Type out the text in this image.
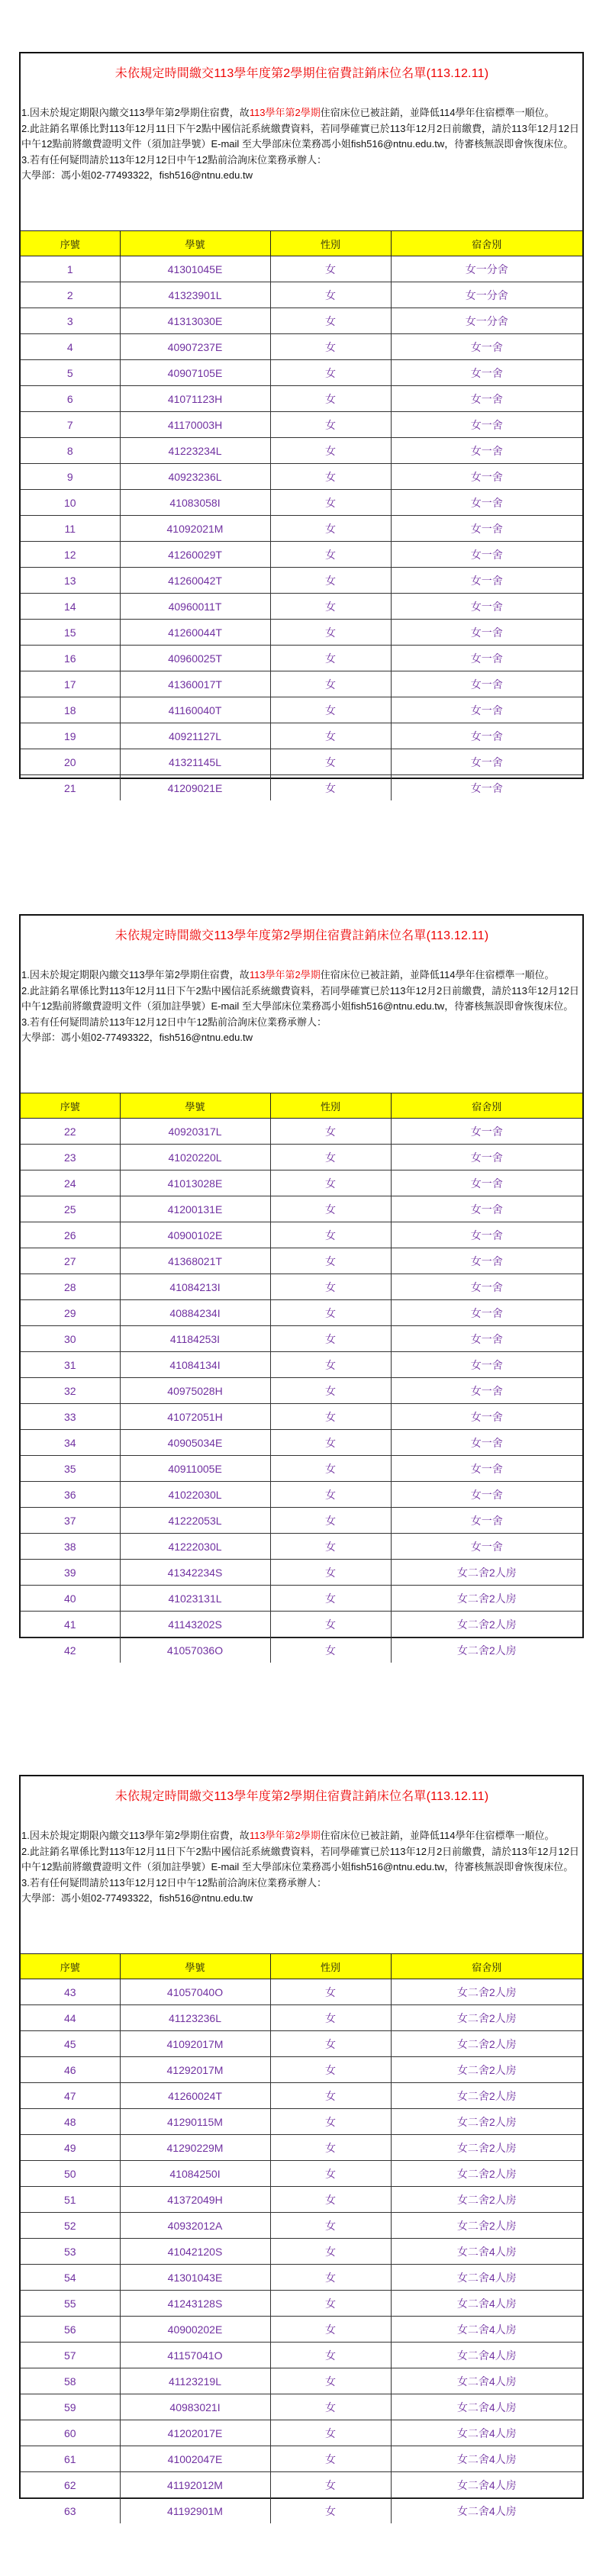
未依規定時間繳交113學年度第2學期住宿費註銷床位名單(113.12.11)
1.因未於規定期限內繳交113學年第2學期住宿費，故113學年第2學期住宿床位已被註銷，並降低114學年住宿標準一順位。
2.此註銷名單係比對113年12月11日下午2點中國信託系統繳費資料，若同學確實已於113年12月2日前繳費，請於113年12月12日中午12點前將繳費證明文件（須加註學號）E-mail 至大學部床位業務馮小姐fish516@ntnu.edu.tw，待審核無誤即會恢復床位。
3.若有任何疑問請於113年12月12日中午12點前洽詢床位業務承辦人：
大學部：馮小姐02-77493322，fish516@ntnu.edu.tw
序號	學號	性別	宿舍別
1	41301045E	女	女一分舍
2	41323901L	女	女一分舍
3	41313030E	女	女一分舍
4	40907237E	女	女一舍
5	40907105E	女	女一舍
6	41071123H	女	女一舍
7	41170003H	女	女一舍
8	41223234L	女	女一舍
9	40923236L	女	女一舍
10	41083058I	女	女一舍
11	41092021M	女	女一舍
12	41260029T	女	女一舍
13	41260042T	女	女一舍
14	40960011T	女	女一舍
15	41260044T	女	女一舍
16	40960025T	女	女一舍
17	41360017T	女	女一舍
18	41160040T	女	女一舍
19	40921127L	女	女一舍
20	41321145L	女	女一舍
21	41209021E	女	女一舍
未依規定時間繳交113學年度第2學期住宿費註銷床位名單(113.12.11)
1.因未於規定期限內繳交113學年第2學期住宿費，故113學年第2學期住宿床位已被註銷，並降低114學年住宿標準一順位。
2.此註銷名單係比對113年12月11日下午2點中國信託系統繳費資料，若同學確實已於113年12月2日前繳費，請於113年12月12日中午12點前將繳費證明文件（須加註學號）E-mail 至大學部床位業務馮小姐fish516@ntnu.edu.tw，待審核無誤即會恢復床位。
3.若有任何疑問請於113年12月12日中午12點前洽詢床位業務承辦人：
大學部：馮小姐02-77493322，fish516@ntnu.edu.tw
序號	學號	性別	宿舍別
22	40920317L	女	女一舍
23	41020220L	女	女一舍
24	41013028E	女	女一舍
25	41200131E	女	女一舍
26	40900102E	女	女一舍
27	41368021T	女	女一舍
28	41084213I	女	女一舍
29	40884234I	女	女一舍
30	41184253I	女	女一舍
31	41084134I	女	女一舍
32	40975028H	女	女一舍
33	41072051H	女	女一舍
34	40905034E	女	女一舍
35	40911005E	女	女一舍
36	41022030L	女	女一舍
37	41222053L	女	女一舍
38	41222030L	女	女一舍
39	41342234S	女	女二舍2人房
40	41023131L	女	女二舍2人房
41	41143202S	女	女二舍2人房
42	41057036O	女	女二舍2人房
未依規定時間繳交113學年度第2學期住宿費註銷床位名單(113.12.11)
1.因未於規定期限內繳交113學年第2學期住宿費，故113學年第2學期住宿床位已被註銷，並降低114學年住宿標準一順位。
2.此註銷名單係比對113年12月11日下午2點中國信託系統繳費資料，若同學確實已於113年12月2日前繳費，請於113年12月12日中午12點前將繳費證明文件（須加註學號）E-mail 至大學部床位業務馮小姐fish516@ntnu.edu.tw，待審核無誤即會恢復床位。
3.若有任何疑問請於113年12月12日中午12點前洽詢床位業務承辦人：
大學部：馮小姐02-77493322，fish516@ntnu.edu.tw
序號	學號	性別	宿舍別
43	41057040O	女	女二舍2人房
44	41123236L	女	女二舍2人房
45	41092017M	女	女二舍2人房
46	41292017M	女	女二舍2人房
47	41260024T	女	女二舍2人房
48	41290115M	女	女二舍2人房
49	41290229M	女	女二舍2人房
50	41084250I	女	女二舍2人房
51	41372049H	女	女二舍2人房
52	40932012A	女	女二舍2人房
53	41042120S	女	女二舍4人房
54	41301043E	女	女二舍4人房
55	41243128S	女	女二舍4人房
56	40900202E	女	女二舍4人房
57	41157041O	女	女二舍4人房
58	41123219L	女	女二舍4人房
59	40983021I	女	女二舍4人房
60	41202017E	女	女二舍4人房
61	41002047E	女	女二舍4人房
62	41192012M	女	女二舍4人房
63	41192901M	女	女二舍4人房
